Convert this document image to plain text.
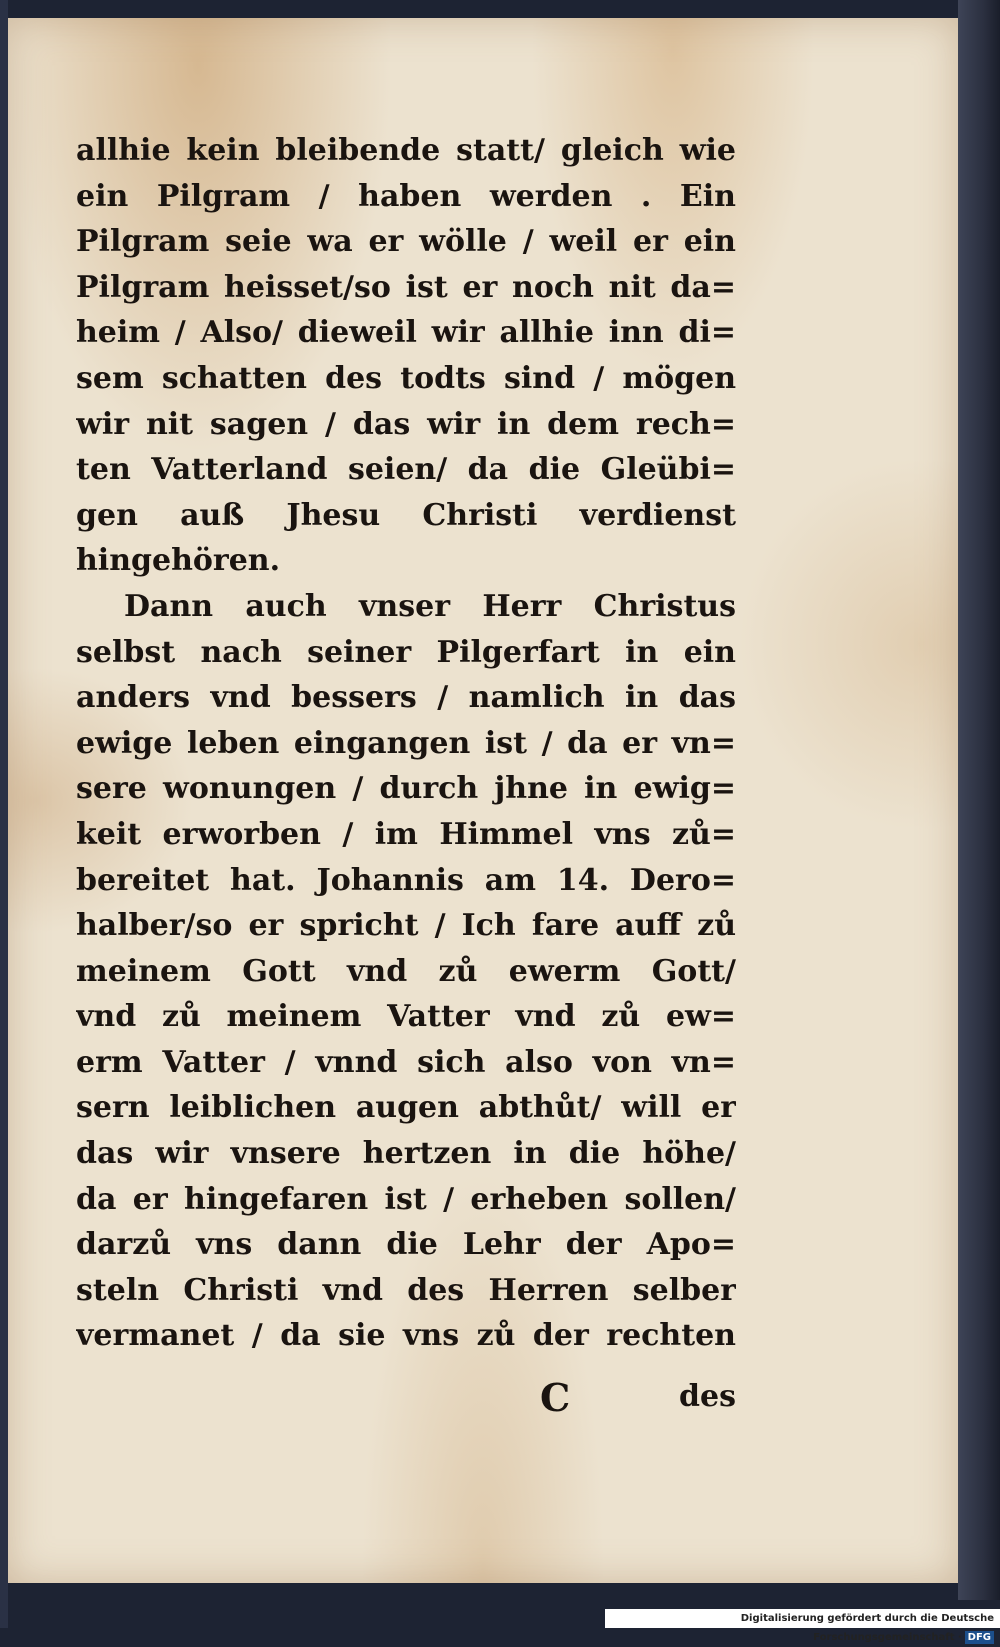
allhie kein bleibende statt/ gleich wie
ein Pilgram / haben werden . Ein
Pilgram seie wa er wölle / weil er ein
Pilgram heisset/so ist er noch nit da=
heim / Also/ dieweil wir allhie inn di=
sem schatten des todts sind / mögen
wir nit sagen / das wir in dem rech=
ten Vatterland seien/ da die Gleübi=
gen auß Jhesu Christi verdienst
hingehören.
Dann auch vnser Herr Christus
selbst nach seiner Pilgerfart in ein
anders vnd bessers / namlich in das
ewige leben eingangen ist / da er vn=
sere wonungen / durch jhne in ewig=
keit erworben / im Himmel vns zů=
bereitet hat. Johannis am 14. Dero=
halber/so er spricht / Ich fare auff zů
meinem Gott vnd zů ewerm Gott/
vnd zů meinem Vatter vnd zů ew=
erm Vatter / vnnd sich also von vn=
sern leiblichen augen abthůt/ will er
das wir vnsere hertzen in die höhe/
da er hingefaren ist / erheben sollen/
darzů vns dann die Lehr der Apo=
steln Christi vnd des Herren selber
vermanet / da sie vns zů der rechten
C	des
Digitalisierung gefördert durch die Deutsche Forschungsgemeinschaft · DFG
